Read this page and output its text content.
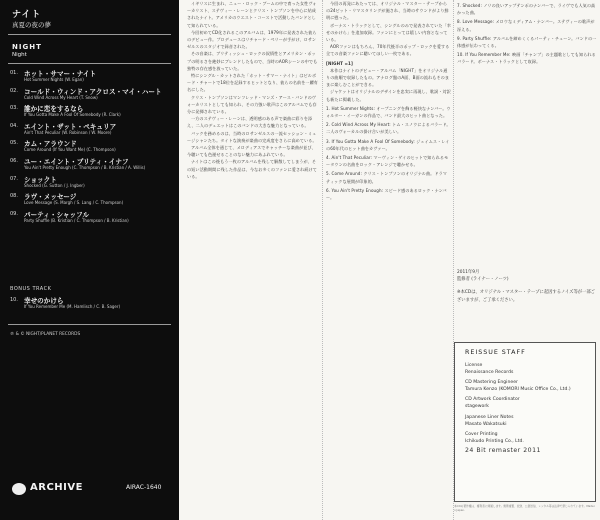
ナイト
真夏の夜の夢
NIGHT
Night
01. ホット・サマー・ナイト
Hot Summer Nights (W. Egan)
02. コールド・ウィンド・アクロス・マイ・ハート
Cold Wind Across My Heart (T. Snow)
03. 誰かに恋をするなら
If You Gotta Make A Fool Of Somebody (R. Clark)
04. エイント・ザット・ペキュリア
Ain't That Peculiar (W. Robinson / W. Moore)
05. カム・アラウンド
Come Around (If You Want Me) (C. Thompson)
06. ユー・エイント・プリティ・イナフ
You Ain't Pretty Enough (C. Thompson / B. Kristian / A. Willis)
07. ショックト
Shocked (G. Sutton / J. Ingber)
08. ラヴ・メッセージ
Love Message (S. Margh / S. Lang / C. Thompson)
09. パーティ・シャッフル
Party Shuffle (B. Kristian / C. Thompson / B. Kristian)
BONUS TRACK
10. 幸せのかけら
If You Remember Me (M. Hamlisch / C. B. Sager)
℗ & © NIGHT/PLANET RECORDS
ARCHIVE	AIRAC-1640

イギリスに生まれ、ニュー・ロック・ブームの中で育った女性ヴォーカリスト、ステヴィー・レーンとクリス・トンプソンを中心に結成されたナイト。アメリカのウエスト・コーストで活動したバンドとして知られている。

今回初めてCD化されるこのアルバムは、1979年に発表された彼らのデビュー作。プロデュースはリチャード・ペリーが手がけ、ロサンゼルスのスタジオで録音された。

その音楽は、ブリティッシュ・ロックの叙情性とアメリカン・ポップの明るさを絶妙にブレンドしたもので、当時のAORシーンの中でも独特の存在感を放っていた。

特にシングル・カットされた「ホット・サマー・ナイト」はビルボード・チャートで18位を記録するヒットとなり、彼らの名前を一躍有名にした。

クリス・トンプソンはマンフレッド・マンズ・アース・バンドのヴォーカリストとしても知られ、その力強い歌声はこのアルバムでも存分に発揮されている。

一方のステヴィー・レーンは、透明感のある声で楽曲に彩りを添え、二人のデュエットはこのバンドの大きな魅力となっている。

バックを務めるのは、当時のロサンゼルスの一流セッション・ミュージシャンたち。タイトな演奏が楽曲の完成度をさらに高めている。

アルバム全体を通じて、メロディアスでキャッチーな楽曲が並び、今聴いても色褪せることのない魅力にあふれている。

ナイトはこの後もう一枚のアルバムを残して解散してしまうが、その短い活動期間に残した作品は、今なお多くのファンに愛され続けている。

今回の再発にあたっては、オリジナル・マスター・テープからの24ビット・リマスタリングが施され、当時のサウンドがより鮮明に甦った。

ボーナス・トラックとして、シングルのみで発表されていた「幸せのかけら」を追加収録。ファンにとっては嬉しい内容となっている。

AORファンはもちろん、70年代後半のポップ・ロックを愛する全ての音楽ファンに聴いてほしい一枚である。

[NIGHT =1]

本作はナイトのデビュー・アルバム「NIGHT」をオリジナル通りの曲順で収録したもの。アナログ盤のA面、B面の流れもそのままに楽しむことができる。

ジャケットはオリジナルのデザインを忠実に再現し、歌詞・対訳も新たに掲載した。

1. Hot Summer Nights: オープニングを飾る軽快なナンバー。ウォルター・イーガンの作品で、バンド最大のヒット曲となった。

2. Cold Wind Across My Heart: トム・スノウによるバラード。二人のヴォーカルの掛け合いが美しい。

3. If You Gotta Make A Fool Of Somebody: ジェイムス・レイの60年代のヒット曲をカヴァー。

4. Ain't That Peculiar: マーヴィン・ゲイのヒットで知られるモータウンの名曲をロック・アレンジで聴かせる。

5. Come Around: クリス・トンプソンのオリジナル曲。ドラマティックな展開が印象的。

6. You Ain't Pretty Enough: スピード感のあるロック・ナンバー。

7. Shocked: ノリの良いアップテンポのナンバーで、ライヴでも人気の高かった曲。

8. Love Message: メロウなミディアム・ナンバー。ステヴィーの歌声が冴える。

9. Party Shuffle: アルバムを締めくくるパーティ・チューン。バンドの一体感が伝わってくる。

10. If You Remember Me: 映画「チャンプ」の主題歌としても知られるバラード。ボーナス・トラックとして収録。

2011年9月
監修者 (ライナー・ノーツ)
※本CDは、オリジナル・マスター・テープに起因するノイズ等が一部ございますが、ご了承ください。
REISSUE STAFF
License
Renaissance Records
CD Mastering Engineer
Tamura Kenzo (KOMORI Music Office Co., Ltd.)
CD Artwork Coordinator
stagework
Japanese Liner Notes
Masato Wakatsuki
Cover Printing
Ichikudo Printing Co., Ltd.
24 Bit remaster 2011
本CDの著作権は、権利者に帰属します。無断複製、放送、公衆送信、レンタル等は法律で禁じられています。Made in Japan.
